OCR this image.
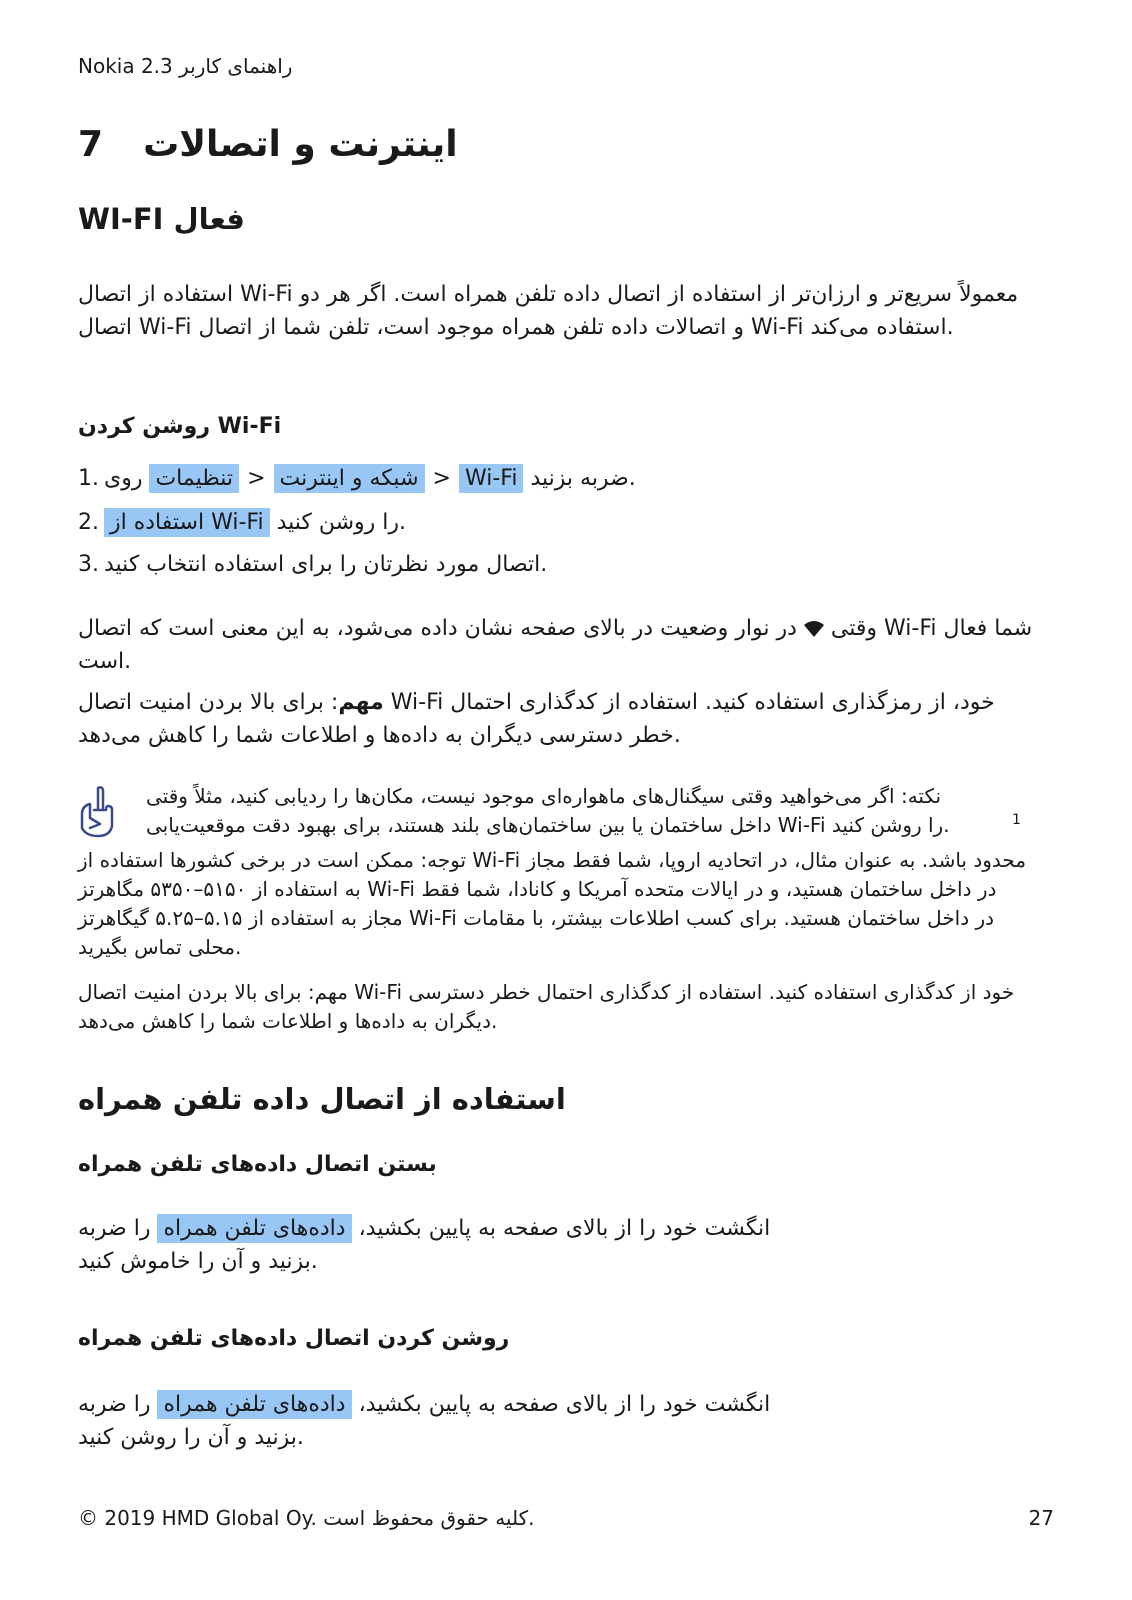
Nokia 2.3 راهنمای کاربر
7 اینترنت و اتصالات
WI-FI فعال
استفاده از اتصال Wi-Fi معمولاً سریع‌تر و ارزان‌تر از استفاده از اتصال داده تلفن همراه است. اگر هر دو اتصال Wi-Fi و اتصالات داده تلفن همراه موجود است، تلفن شما از اتصال Wi-Fi استفاده می‌کند.
روشن کردن Wi-Fi
1. روی
تنظیمات > شبکه و اینترنت > Wi-Fi
ضربه بزنید.
2. استفاده از Wi-Fi
را روشن کنید.
3. اتصال مورد نظرتان را برای استفاده انتخاب کنید.
وقتی  در نوار وضعیت در بالای صفحه نشان داده می‌شود، به این معنی است که اتصال Wi-Fi شما فعال است.
مهم: برای بالا بردن امنیت اتصال Wi-Fi خود، از رمزگذاری استفاده کنید. استفاده از کدگذاری احتمال خطر دسترسی دیگران به داده‌ها و اطلاعات شما را کاهش می‌دهد.
نکته: اگر می‌خواهید وقتی سیگنال‌های ماهواره‌ای موجود نیست، مکان‌ها را ردیابی کنید، مثلاً وقتی داخل ساختمان یا بین ساختمان‌های بلند هستند، برای بهبود دقت موقعیت‌یابی Wi-Fi را روشن کنید.	1
توجه: ممکن است در برخی کشورها استفاده از Wi-Fi محدود باشد. به عنوان مثال، در اتحادیه اروپا، شما فقط مجاز به استفاده از ۵۱۵۰–۵۳۵۰ مگاهرتز Wi-Fi در داخل ساختمان هستید، و در ایالات متحده آمریکا و کانادا، شما فقط مجاز به استفاده از ۵.۱۵–۵.۲۵ گیگاهرتز Wi-Fi در داخل ساختمان هستید. برای کسب اطلاعات بیشتر، با مقامات محلی تماس بگیرید.
مهم: برای بالا بردن امنیت اتصال Wi-Fi خود از کدگذاری استفاده کنید. استفاده از کدگذاری احتمال خطر دسترسی دیگران به داده‌ها و اطلاعات شما را کاهش می‌دهد.
استفاده از اتصال داده تلفن همراه
بستن اتصال داده‌های تلفن همراه
انگشت خود را از بالای صفحه به پایین بکشید، داده‌های تلفن همراه را ضربه
بزنید و آن را خاموش کنید.
روشن کردن اتصال داده‌های تلفن همراه
انگشت خود را از بالای صفحه به پایین بکشید، داده‌های تلفن همراه را ضربه
بزنید و آن را روشن کنید.
© 2019 HMD Global Oy. کلیه حقوق محفوظ است.	27
